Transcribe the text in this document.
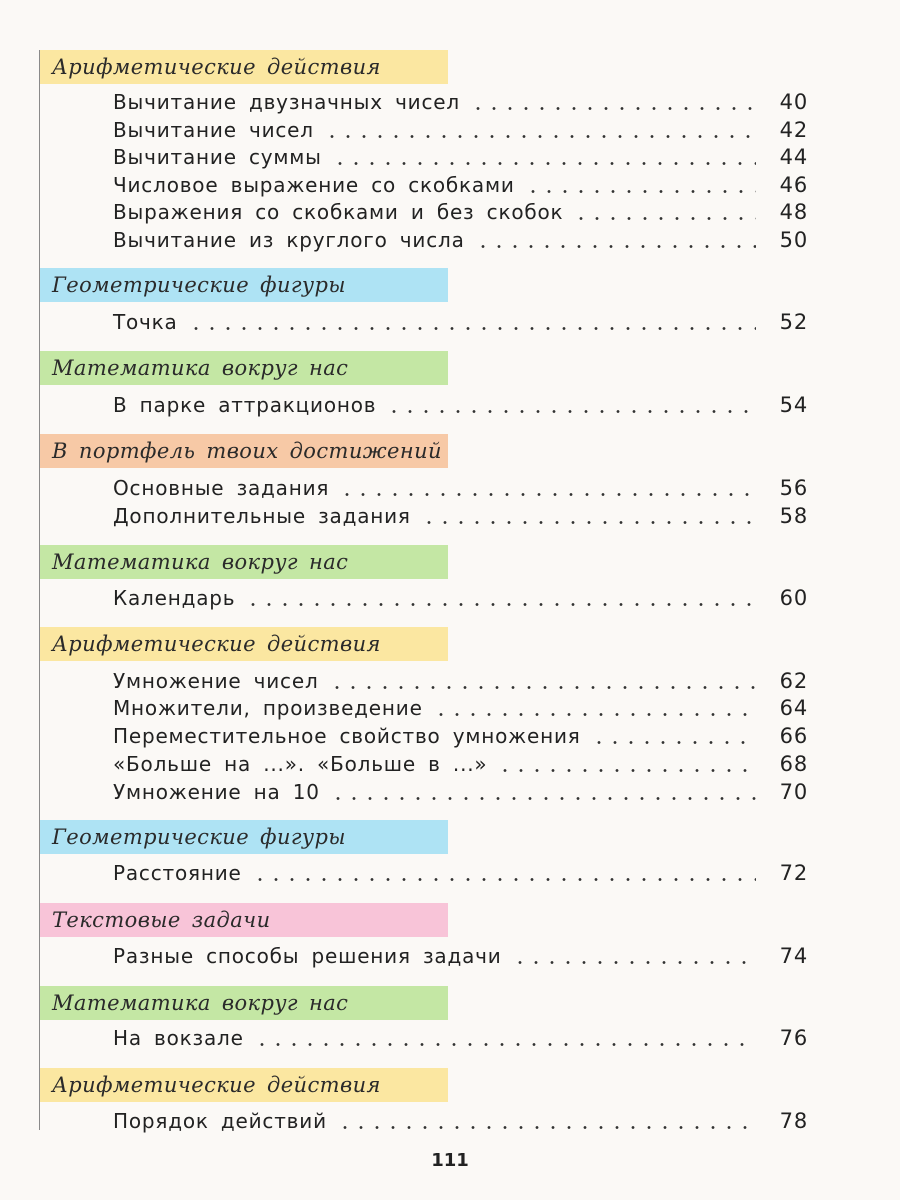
Арифметические действия
Вычитание двузначных чисел	40
Вычитание чисел	42
Вычитание суммы	44
Числовое выражение со скобками	46
Выражения со скобками и без скобок	48
Вычитание из круглого числа	50
Геометрические фигуры
Точка	52
Математика вокруг нас
В парке аттракционов	54
В портфель твоих достижений
Основные задания	56
Дополнительные задания	58
Математика вокруг нас
Календарь	60
Арифметические действия
Умножение чисел	62
Множители, произведение	64
Переместительное свойство умножения	66
«Больше на ...». «Больше в ...»	68
Умножение на 10	70
Геометрические фигуры
Расстояние	72
Текстовые задачи
Разные способы решения задачи	74
Математика вокруг нас
На вокзале	76
Арифметические действия
Порядок действий	78
111
